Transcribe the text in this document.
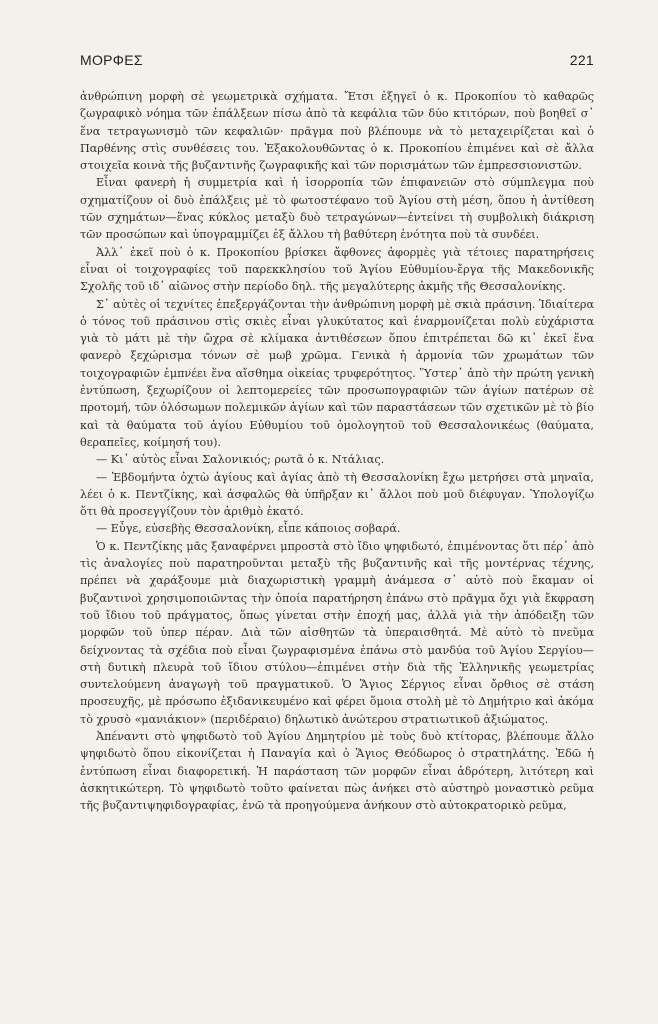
ΜΟΡΦΕΣ	221

ἀνθρώπινη μορφὴ σὲ γεωμετρικὰ σχήματα. Ἔτσι ἐξηγεῖ ὁ κ. Προκοπίου τὸ καθαρῶς ζωγραφικὸ νόημα τῶν ἐπάλξεων πίσω ἀπὸ τὰ κεφάλια τῶν δύο κτιτόρων, ποὺ βοηθεῖ σ᾽ ἕνα τετραγωνισμὸ τῶν κεφαλιῶν· πρᾶγμα ποὺ βλέπουμε νὰ τὸ μεταχειρίζεται καὶ ὁ Παρθένης στὶς συνθέσεις του. Ἐξακολουθῶντας ὁ κ. Προκοπίου ἐπιμένει καὶ σὲ ἄλλα στοιχεῖα κοινὰ τῆς βυζαντινῆς ζωγραφικῆς καὶ τῶν πορισμάτων τῶν ἐμπρεσσιονιστῶν.

Εἶναι φανερὴ ἡ συμμετρία καὶ ἡ ἰσορροπία τῶν ἐπιφανειῶν στὸ σύμπλεγμα ποὺ σχηματίζουν οἱ δυὸ ἐπάλξεις μὲ τὸ φωτοστέφανο τοῦ Ἁγίου στὴ μέση, ὅπου ἡ ἀντίθεση τῶν σχημάτων—ἕνας κύκλος μεταξὺ δυὸ τετραγώνων—ἐντείνει τὴ συμβολικὴ διάκριση τῶν προσώπων καὶ ὑπογραμμίζει ἐξ ἄλλου τὴ βαθύτερη ἑνότητα ποὺ τὰ συνδέει.

Ἀλλ᾽ ἐκεῖ ποὺ ὁ κ. Προκοπίου βρίσκει ἄφθονες ἀφορμὲς γιὰ τέτοιες παρατηρήσεις εἶναι οἱ τοιχογραφίες τοῦ παρεκκλησίου τοῦ Ἁγίου Εὐθυμίου-ἔργα τῆς Μακεδονικῆς Σχολῆς τοῦ ιδ᾽ αἰῶνος στὴν περίοδο δηλ. τῆς μεγαλύτερης ἀκμῆς τῆς Θεσσαλονίκης.

Σ᾽ αὐτὲς οἱ τεχνίτες ἐπεξεργάζονται τὴν ἀνθρώπινη μορφὴ μὲ σκιὰ πράσινη. Ἰδιαίτερα ὁ τόνος τοῦ πράσινου στὶς σκιὲς εἶναι γλυκύτατος καὶ ἐναρμονίζεται πολὺ εὐχάριστα γιὰ τὸ μάτι μὲ τὴν ὤχρα σὲ κλίμακα ἀντιθέσεων ὅπου ἐπιτρέπεται δῶ κι᾽ ἐκεῖ ἕνα φανερὸ ξεχώρισμα τόνων σὲ μωβ χρῶμα. Γενικὰ ἡ ἁρμονία τῶν χρωμάτων τῶν τοιχογραφιῶν ἐμπνέει ἕνα αἴσθημα οἰκείας τρυφερότητος. Ὕστερ᾽ ἀπὸ τὴν πρώτη γενικὴ ἐντύπωση, ξεχωρίζουν οἱ λεπτομερείες τῶν προσωπογραφιῶν τῶν ἁγίων πατέρων σὲ προτομή, τῶν ὁλόσωμων πολεμικῶν ἁγίων καὶ τῶν παραστάσεων τῶν σχετικῶν μὲ τὸ βίο καὶ τὰ θαύματα τοῦ ἁγίου Εὐθυμίου τοῦ ὁμολογητοῦ τοῦ Θεσσαλονικέως (θαύματα, θεραπεῖες, κοίμησή του).

— Κι᾽ αὐτὸς εἶναι Σαλονικιός; ρωτᾶ ὁ κ. Ντάλιας.

— Ἑβδομήντα ὀχτὼ ἁγίους καὶ ἁγίας ἀπὸ τὴ Θεσσαλονίκη ἔχω μετρήσει στὰ μηναῖα, λέει ὁ κ. Πεντζίκης, καὶ ἀσφαλῶς θὰ ὑπῆρξαν κι᾽ ἄλλοι ποὺ μοῦ διέφυγαν. Ὑπολογίζω ὅτι θὰ προσεγγίζουν τὸν ἀριθμὸ ἑκατό.

— Εὖγε, εὐσεβὴς Θεσσαλονίκη, εἶπε κάποιος σοβαρά.

Ὁ κ. Πεντζίκης μᾶς ξαναφέρνει μπροστὰ στὸ ἴδιο ψηφιδωτό, ἐπιμένοντας ὅτι πέρ᾽ ἀπὸ τὶς ἀναλογίες ποὺ παρατηροῦνται μεταξὺ τῆς βυζαντινῆς καὶ τῆς μοντέρνας τέχνης, πρέπει νὰ χαράξουμε μιὰ διαχωριστικὴ γραμμὴ ἀνάμεσα σ᾽ αὐτὸ ποὺ ἔκαμαν οἱ βυζαντινοὶ χρησιμοποιῶντας τὴν ὁποία παρατήρηση ἐπάνω στὸ πρᾶγμα ὄχι γιὰ ἔκφραση τοῦ ἴδιου τοῦ πράγματος, ὅπως γίνεται στὴν ἐποχή μας, ἀλλὰ γιὰ τὴν ἀπόδειξη τῶν μορφῶν τοῦ ὑπερ πέραν. Διὰ τῶν αἰσθητῶν τὰ ὑπεραισθητά. Μὲ αὐτὸ τὸ πνεῦμα δείχνοντας τὰ σχέδια ποὺ εἶναι ζωγραφισμένα ἐπάνω στὸ μανδύα τοῦ Ἁγίου Σεργίου—στὴ δυτικὴ πλευρὰ τοῦ ἴδιου στύλου—ἐπιμένει στὴν διὰ τῆς Ἑλληνικῆς γεωμετρίας συντελούμενη ἀναγωγὴ τοῦ πραγματικοῦ. Ὁ Ἅγιος Σέργιος εἶναι ὄρθιος σὲ στάση προσευχῆς, μὲ πρόσωπο ἐξιδανικευμένο καὶ φέρει ὅμοια στολὴ μὲ τὸ Δημήτριο καὶ ἀκόμα τὸ χρυσὸ «μανιάκιον» (περιδέραιο) δηλωτικὸ ἀνώτερου στρατιωτικοῦ ἀξιώματος.

Ἀπέναντι στὸ ψηφιδωτὸ τοῦ Ἁγίου Δημητρίου μὲ τοὺς δυὸ κτίτορας, βλέπουμε ἄλλο ψηφιδωτὸ ὅπου εἰκονίζεται ἡ Παναγία καὶ ὁ Ἅγιος Θεόδωρος ὁ στρατηλάτης. Ἐδῶ ἡ ἐντύπωση εἶναι διαφορετική. Ἡ παράσταση τῶν μορφῶν εἶναι ἀδρότερη, λιτότερη καὶ ἀσκητικώτερη. Τὸ ψηφιδωτὸ τοῦτο φαίνεται πὼς ἀνήκει στὸ αὐστηρὸ μοναστικὸ ρεῦμα τῆς βυζαντιψηφιδογραφίας, ἐνῶ τὰ προηγούμενα ἀνήκουν στὸ αὐτοκρατορικὸ ρεῦμα,
